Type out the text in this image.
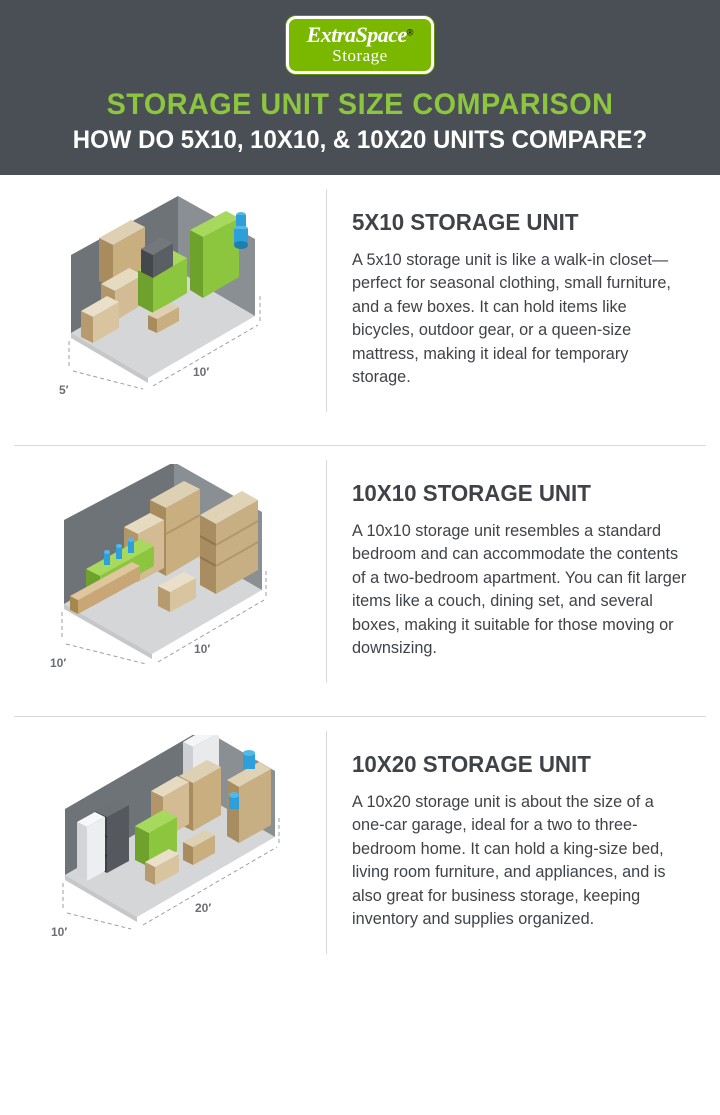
ExtraSpace®
Storage
STORAGE UNIT SIZE COMPARISON
HOW DO 5X10, 10X10, & 10X20 UNITS COMPARE?
5′
10′
5X10 STORAGE UNIT
A 5x10 storage unit is like a walk-in closet—perfect for seasonal clothing, small furniture, and a few boxes. It can hold items like bicycles, outdoor gear, or a queen-size mattress, making it ideal for temporary storage.
10′
10′
10X10 STORAGE UNIT
A 10x10 storage unit resembles a standard bedroom and can accommodate the contents of a two-bedroom apartment. You can fit larger items like a couch, dining set, and several boxes, making it suitable for those moving or downsizing.
10′
20′
10X20 STORAGE UNIT
A 10x20 storage unit is about the size of a one-car garage, ideal for a two to three-bedroom home. It can hold a king-size bed, living room furniture, and appliances, and is also great for business storage, keeping inventory and supplies organized.
